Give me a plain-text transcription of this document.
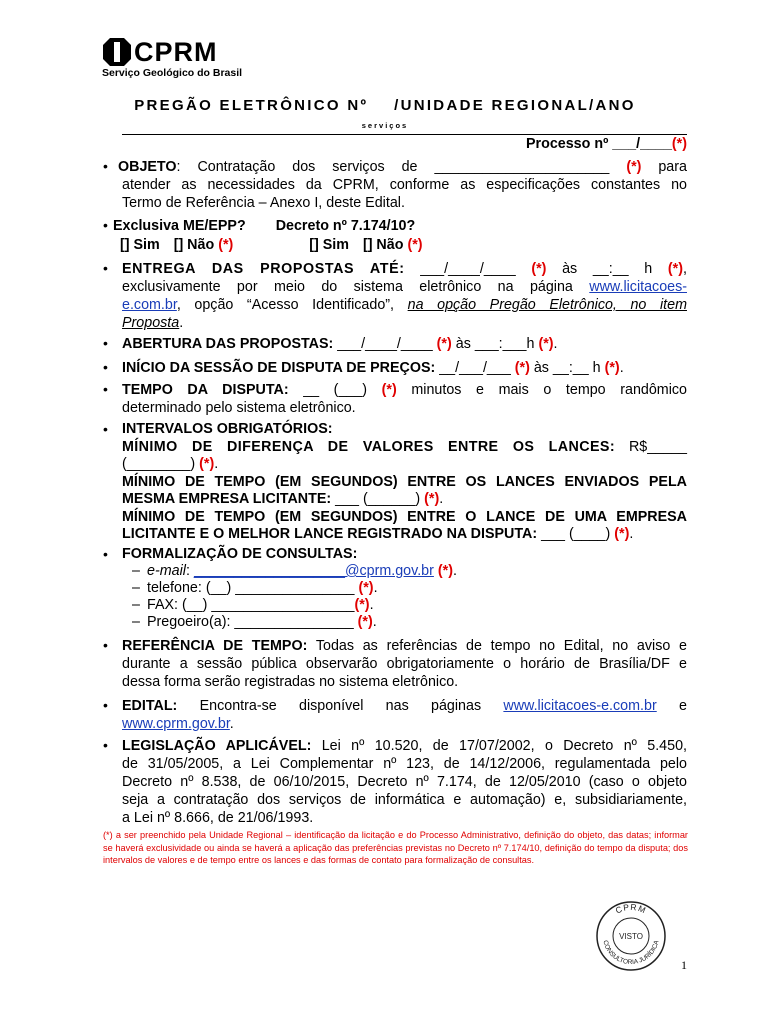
CPRM
Serviço Geológico do Brasil
PREGÃO ELETRÔNICO Nº    /UNIDADE REGIONAL/ANO
serviços
Processo nº ___/____(*)
• OBJETO: Contratação dos serviços de ______________________ (*) para
atender as necessidades da CPRM, conforme as especificações constantes no
Termo de Referência – Anexo I, deste Edital.
• Exclusiva ME/EPP? Decreto nº 7.174/10?
[] Sim [] Não (*)	[] Sim [] Não (*)
• ENTREGA DAS PROPOSTAS ATÉ: ___/____/____ (*) às __:__ h (*),
exclusivamente por meio do sistema eletrônico na página www.licitacoes-
e.com.br, opção “Acesso Identificado”, na opção Pregão Eletrônico, no item
Proposta.
• ABERTURA DAS PROPOSTAS: ___/____/____ (*) às ___:___h (*).
• INÍCIO DA SESSÃO DE DISPUTA DE PREÇOS: __/___/___ (*) às __:__ h (*).
• TEMPO DA DISPUTA: __ (___) (*) minutos e mais o tempo randômico
determinado pelo sistema eletrônico.
• INTERVALOS OBRIGATÓRIOS:
MÍNIMO DE DIFERENÇA DE VALORES ENTRE OS LANCES: R$_____
(________) (*).
MÍNIMO DE TEMPO (EM SEGUNDOS) ENTRE OS LANCES ENVIADOS PELA
MESMA EMPRESA LICITANTE: ___ (______) (*).
MÍNIMO DE TEMPO (EM SEGUNDOS) ENTRE O LANCE DE UMA EMPRESA
LICITANTE E O MELHOR LANCE REGISTRADO NA DISPUTA: ___ (____) (*).
• FORMALIZAÇÃO DE CONSULTAS:
– e-mail: ___________________@cprm.gov.br (*).
– telefone: (__) _______________ (*).
– FAX: (__) __________________(*).
– Pregoeiro(a): _______________ (*).
• REFERÊNCIA DE TEMPO: Todas as referências de tempo no Edital, no aviso e
durante a sessão pública observarão obrigatoriamente o horário de Brasília/DF e
dessa forma serão registradas no sistema eletrônico.
• EDITAL: Encontra-se disponível nas páginas www.licitacoes-e.com.br e
www.cprm.gov.br.
• LEGISLAÇÃO APLICÁVEL: Lei nº 10.520, de 17/07/2002, o Decreto nº 5.450,
de 31/05/2005, a Lei Complementar nº 123, de 14/12/2006, regulamentada pelo
Decreto nº 8.538, de 06/10/2015, Decreto nº 7.174, de 12/05/2010 (caso o objeto
seja a contratação dos serviços de informática e automação) e, subsidiariamente,
a Lei nº 8.666, de 21/06/1993.
(*) a ser preenchido pela Unidade Regional – identificação da licitação e do Processo Administrativo, definição do objeto, das datas; informar se haverá exclusividade ou ainda se haverá a aplicação das preferências previstas no Decreto nº 7.174/10, definição do tempo da disputa; dos intervalos de valores e de tempo entre os lances e das formas de contato para formalização de consultas.
CPRM
CONSULTORIA JURÍDICA
VISTO
1
